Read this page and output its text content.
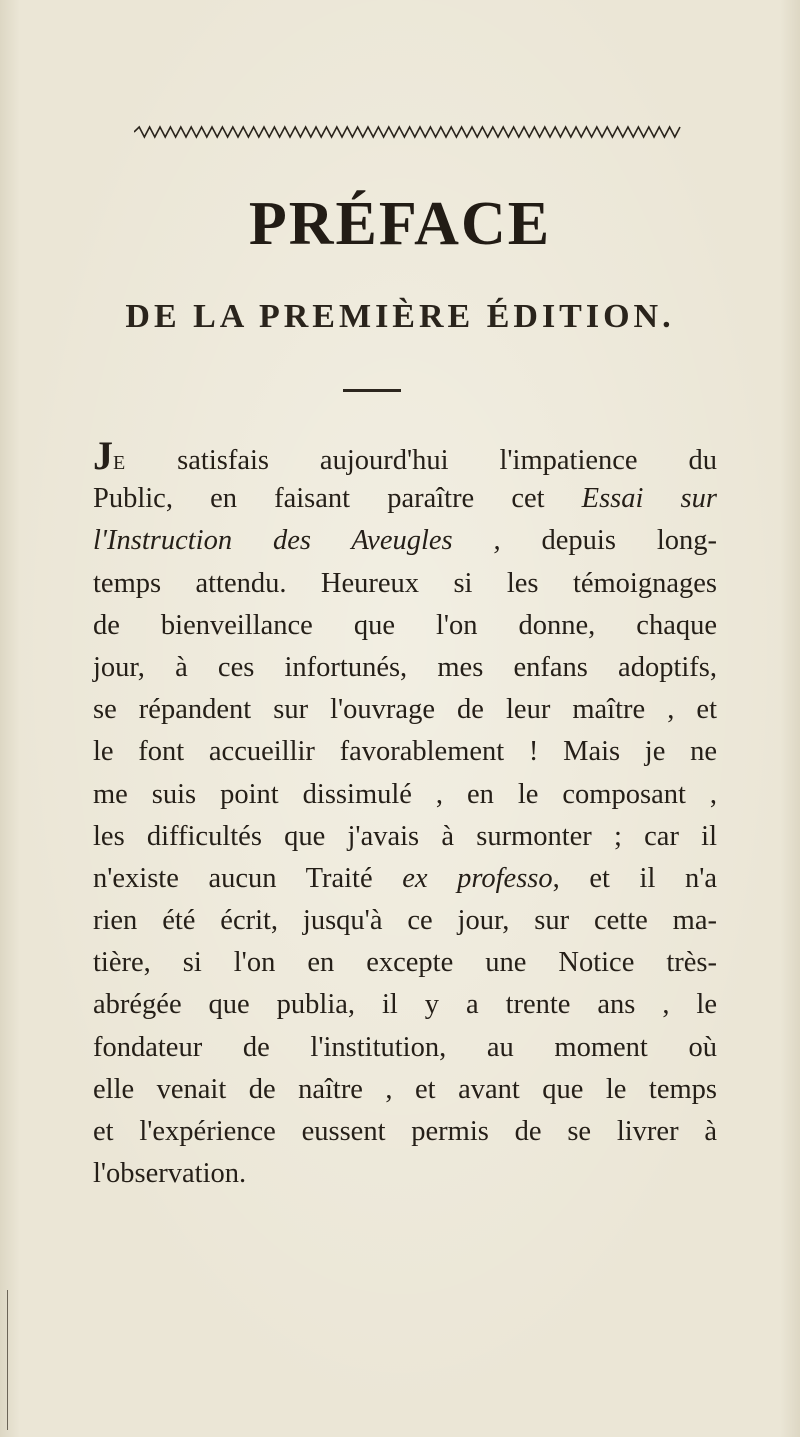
PRÉFACE
DE LA PREMIÈRE ÉDITION.
JE satisfais aujourd'hui l'impatience du
Public, en faisant paraître cet Essai sur
l'Instruction des Aveugles , depuis long-
temps attendu. Heureux si les témoignages
de bienveillance que l'on donne, chaque
jour, à ces infortunés, mes enfans adoptifs,
se répandent sur l'ouvrage de leur maître , et
le font accueillir favorablement ! Mais je ne
me suis point dissimulé , en le composant ,
les difficultés que j'avais à surmonter ; car il
n'existe aucun Traité ex professo, et il n'a
rien été écrit, jusqu'à ce jour, sur cette ma-
tière, si l'on en excepte une Notice très-
abrégée que publia, il y a trente ans , le
fondateur de l'institution, au moment où
elle venait de naître , et avant que le temps
et l'expérience eussent permis de se livrer à
l'observation.
